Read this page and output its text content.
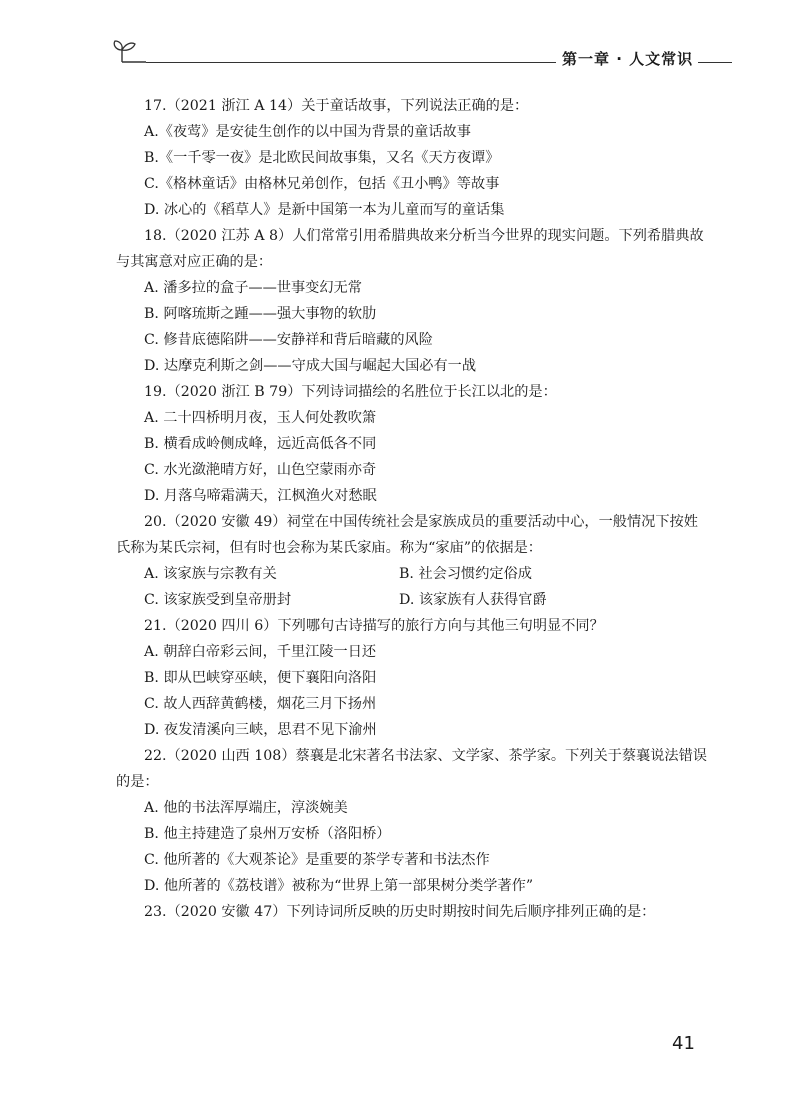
第一章 · 人文常识

17.（2021 浙江 A 14）关于童话故事，下列说法正确的是：

A.《夜莺》是安徒生创作的以中国为背景的童话故事

B.《一千零一夜》是北欧民间故事集，又名《天方夜谭》

C.《格林童话》由格林兄弟创作，包括《丑小鸭》等故事

D. 冰心的《稻草人》是新中国第一本为儿童而写的童话集

18.（2020 江苏 A 8）人们常常引用希腊典故来分析当今世界的现实问题。下列希腊典故与其寓意对应正确的是：

A. 潘多拉的盒子——世事变幻无常

B. 阿喀琉斯之踵——强大事物的软肋

C. 修昔底德陷阱——安静祥和背后暗藏的风险

D. 达摩克利斯之剑——守成大国与崛起大国必有一战

19.（2020 浙江 B 79）下列诗词描绘的名胜位于长江以北的是：

A. 二十四桥明月夜，玉人何处教吹箫

B. 横看成岭侧成峰，远近高低各不同

C. 水光潋滟晴方好，山色空蒙雨亦奇

D. 月落乌啼霜满天，江枫渔火对愁眠

20.（2020 安徽 49）祠堂在中国传统社会是家族成员的重要活动中心，一般情况下按姓氏称为某氏宗祠，但有时也会称为某氏家庙。称为“家庙”的依据是：

A. 该家族与宗教有关	B. 社会习惯约定俗成
C. 该家族受到皇帝册封	D. 该家族有人获得官爵

21.（2020 四川 6）下列哪句古诗描写的旅行方向与其他三句明显不同？

A. 朝辞白帝彩云间，千里江陵一日还

B. 即从巴峡穿巫峡，便下襄阳向洛阳

C. 故人西辞黄鹤楼，烟花三月下扬州

D. 夜发清溪向三峡，思君不见下渝州

22.（2020 山西 108）蔡襄是北宋著名书法家、文学家、茶学家。下列关于蔡襄说法错误的是：

A. 他的书法浑厚端庄，淳淡婉美

B. 他主持建造了泉州万安桥（洛阳桥）

C. 他所著的《大观茶论》是重要的茶学专著和书法杰作

D. 他所著的《荔枝谱》被称为“世界上第一部果树分类学著作”

23.（2020 安徽 47）下列诗词所反映的历史时期按时间先后顺序排列正确的是：

41
